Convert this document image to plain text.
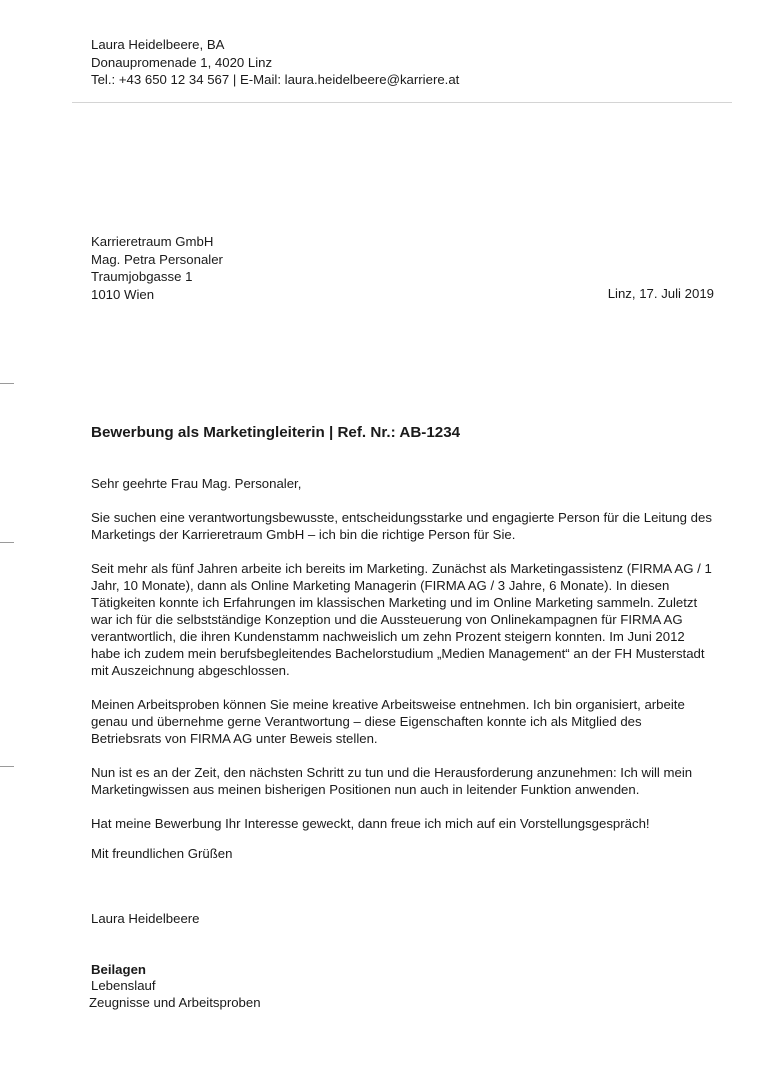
Laura Heidelbeere, BA
Donaupromenade 1, 4020 Linz
Tel.: +43 650 12 34 567 | E-Mail: laura.heidelbeere@karriere.at
Karrieretraum GmbH
Mag. Petra Personaler
Traumjobgasse 1
1010 Wien	Linz, 17. Juli 2019
Bewerbung als Marketingleiterin | Ref. Nr.: AB-1234
Sehr geehrte Frau Mag. Personaler,

Sie suchen eine verantwortungsbewusste, entscheidungsstarke und engagierte Person für die Leitung des Marketings der Karrieretraum GmbH – ich bin die richtige Person für Sie.

Seit mehr als fünf Jahren arbeite ich bereits im Marketing. Zunächst als Marketingassistenz (FIRMA AG / 1 Jahr, 10 Monate), dann als Online Marketing Managerin (FIRMA AG / 3 Jahre, 6 Monate). In diesen Tätigkeiten konnte ich Erfahrungen im klassischen Marketing und im Online Marketing sammeln. Zuletzt war ich für die selbstständige Konzeption und die Aussteuerung von Onlinekampagnen für FIRMA AG verantwortlich, die ihren Kundenstamm nachweislich um zehn Prozent steigern konnten. Im Juni 2012 habe ich zudem mein berufsbegleitendes Bachelorstudium „Medien Management“ an der FH Musterstadt mit Auszeichnung abgeschlossen.

Meinen Arbeitsproben können Sie meine kreative Arbeitsweise entnehmen. Ich bin organisiert, arbeite genau und übernehme gerne Verantwortung – diese Eigenschaften konnte ich als Mitglied des Betriebsrats von FIRMA AG unter Beweis stellen.

Nun ist es an der Zeit, den nächsten Schritt zu tun und die Herausforderung anzunehmen: Ich will mein Marketingwissen aus meinen bisherigen Positionen nun auch in leitender Funktion anwenden.

Hat meine Bewerbung Ihr Interesse geweckt, dann freue ich mich auf ein Vorstellungsgespräch!

Mit freundlichen Grüßen
Laura Heidelbeere
Beilagen
Lebenslauf
Zeugnisse und Arbeitsproben
